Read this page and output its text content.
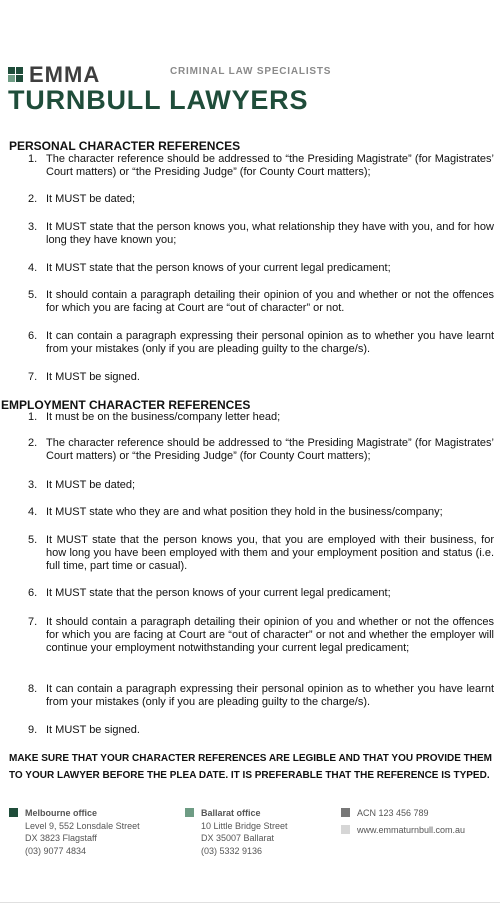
EMMA	CRIMINAL LAW SPECIALISTS
TURNBULL LAWYERS
PERSONAL CHARACTER REFERENCES
1. The character reference should be addressed to “the Presiding Magistrate” (for Magistrates’ Court matters) or “the Presiding Judge” (for County Court matters);
2. It MUST be dated;
3. It MUST state that the person knows you, what relationship they have with you, and for how long they have known you;
4. It MUST state that the person knows of your current legal predicament;
5. It should contain a paragraph detailing their opinion of you and whether or not the offences for which you are facing at Court are “out of character” or not.
6. It can contain a paragraph expressing their personal opinion as to whether you have learnt from your mistakes (only if you are pleading guilty to the charge/s).
7. It MUST be signed.
EMPLOYMENT CHARACTER REFERENCES
1. It must be on the business/company letter head;
2. The character reference should be addressed to “the Presiding Magistrate” (for Magistrates’ Court matters) or “the Presiding Judge” (for County Court matters);
3. It MUST be dated;
4. It MUST state who they are and what position they hold in the business/company;
5. It MUST state that the person knows you, that you are employed with their business, for how long you have been employed with them and your employment position and status (i.e. full time, part time or casual).
6. It MUST state that the person knows of your current legal predicament;
7. It should contain a paragraph detailing their opinion of you and whether or not the offences for which you are facing at Court are “out of character” or not and whether the employer will continue your employment notwithstanding your current legal predicament;
8. It can contain a paragraph expressing their personal opinion as to whether you have learnt from your mistakes (only if you are pleading guilty to the charge/s).
9. It MUST be signed.
MAKE SURE THAT YOUR CHARACTER REFERENCES ARE LEGIBLE AND THAT YOU PROVIDE THEM TO YOUR LAWYER BEFORE THE PLEA DATE. IT IS PREFERABLE THAT THE REFERENCE IS TYPED.
Melbourne office
Level 9, 552 Lonsdale Street
DX 3823 Flagstaff
(03) 9077 4834
Ballarat office
10 Little Bridge Street
DX 35007 Ballarat
(03) 5332 9136
ACN 123 456 789
www.emmaturnbull.com.au
